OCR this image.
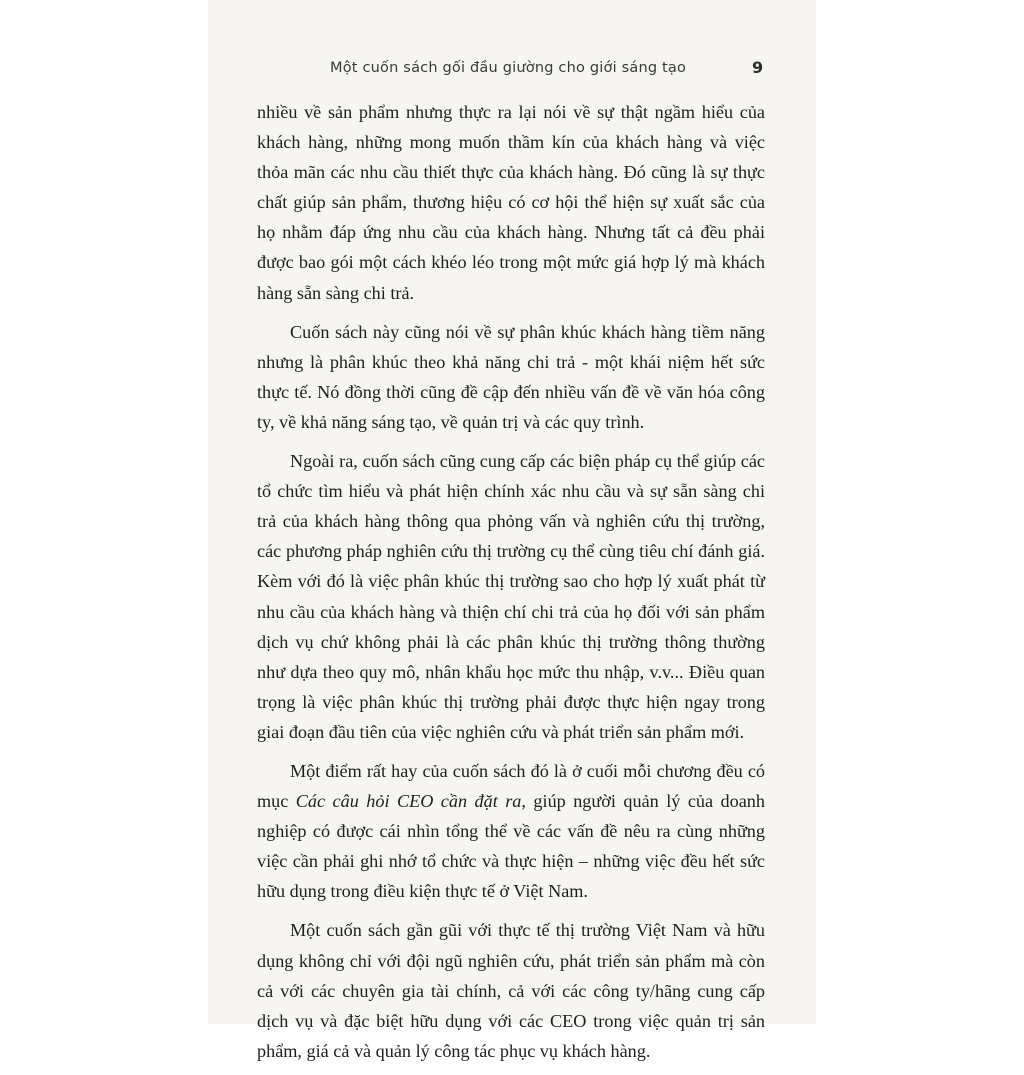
Một cuốn sách gối đầu giường cho giới sáng tạo	9

nhiều về sản phẩm nhưng thực ra lại nói về sự thật ngầm hiểu của khách hàng, những mong muốn thầm kín của khách hàng và việc thỏa mãn các nhu cầu thiết thực của khách hàng. Đó cũng là sự thực chất giúp sản phẩm, thương hiệu có cơ hội thể hiện sự xuất sắc của họ nhằm đáp ứng nhu cầu của khách hàng. Nhưng tất cả đều phải được bao gói một cách khéo léo trong một mức giá hợp lý mà khách hàng sẵn sàng chi trả.

Cuốn sách này cũng nói về sự phân khúc khách hàng tiềm năng nhưng là phân khúc theo khả năng chi trả - một khái niệm hết sức thực tế. Nó đồng thời cũng đề cập đến nhiều vấn đề về văn hóa công ty, về khả năng sáng tạo, về quản trị và các quy trình.

Ngoài ra, cuốn sách cũng cung cấp các biện pháp cụ thể giúp các tổ chức tìm hiểu và phát hiện chính xác nhu cầu và sự sẵn sàng chi trả của khách hàng thông qua phỏng vấn và nghiên cứu thị trường, các phương pháp nghiên cứu thị trường cụ thể cùng tiêu chí đánh giá. Kèm với đó là việc phân khúc thị trường sao cho hợp lý xuất phát từ nhu cầu của khách hàng và thiện chí chi trả của họ đối với sản phẩm dịch vụ chứ không phải là các phân khúc thị trường thông thường như dựa theo quy mô, nhân khẩu học mức thu nhập, v.v... Điều quan trọng là việc phân khúc thị trường phải được thực hiện ngay trong giai đoạn đầu tiên của việc nghiên cứu và phát triển sản phẩm mới.

Một điểm rất hay của cuốn sách đó là ở cuối mỗi chương đều có mục Các câu hỏi CEO cần đặt ra, giúp người quản lý của doanh nghiệp có được cái nhìn tổng thể về các vấn đề nêu ra cùng những việc cần phải ghi nhớ tổ chức và thực hiện – những việc đều hết sức hữu dụng trong điều kiện thực tế ở Việt Nam.

Một cuốn sách gần gũi với thực tế thị trường Việt Nam và hữu dụng không chỉ với đội ngũ nghiên cứu, phát triển sản phẩm mà còn cả với các chuyên gia tài chính, cả với các công ty/hãng cung cấp dịch vụ và đặc biệt hữu dụng với các CEO trong việc quản trị sản phẩm, giá cả và quản lý công tác phục vụ khách hàng.
